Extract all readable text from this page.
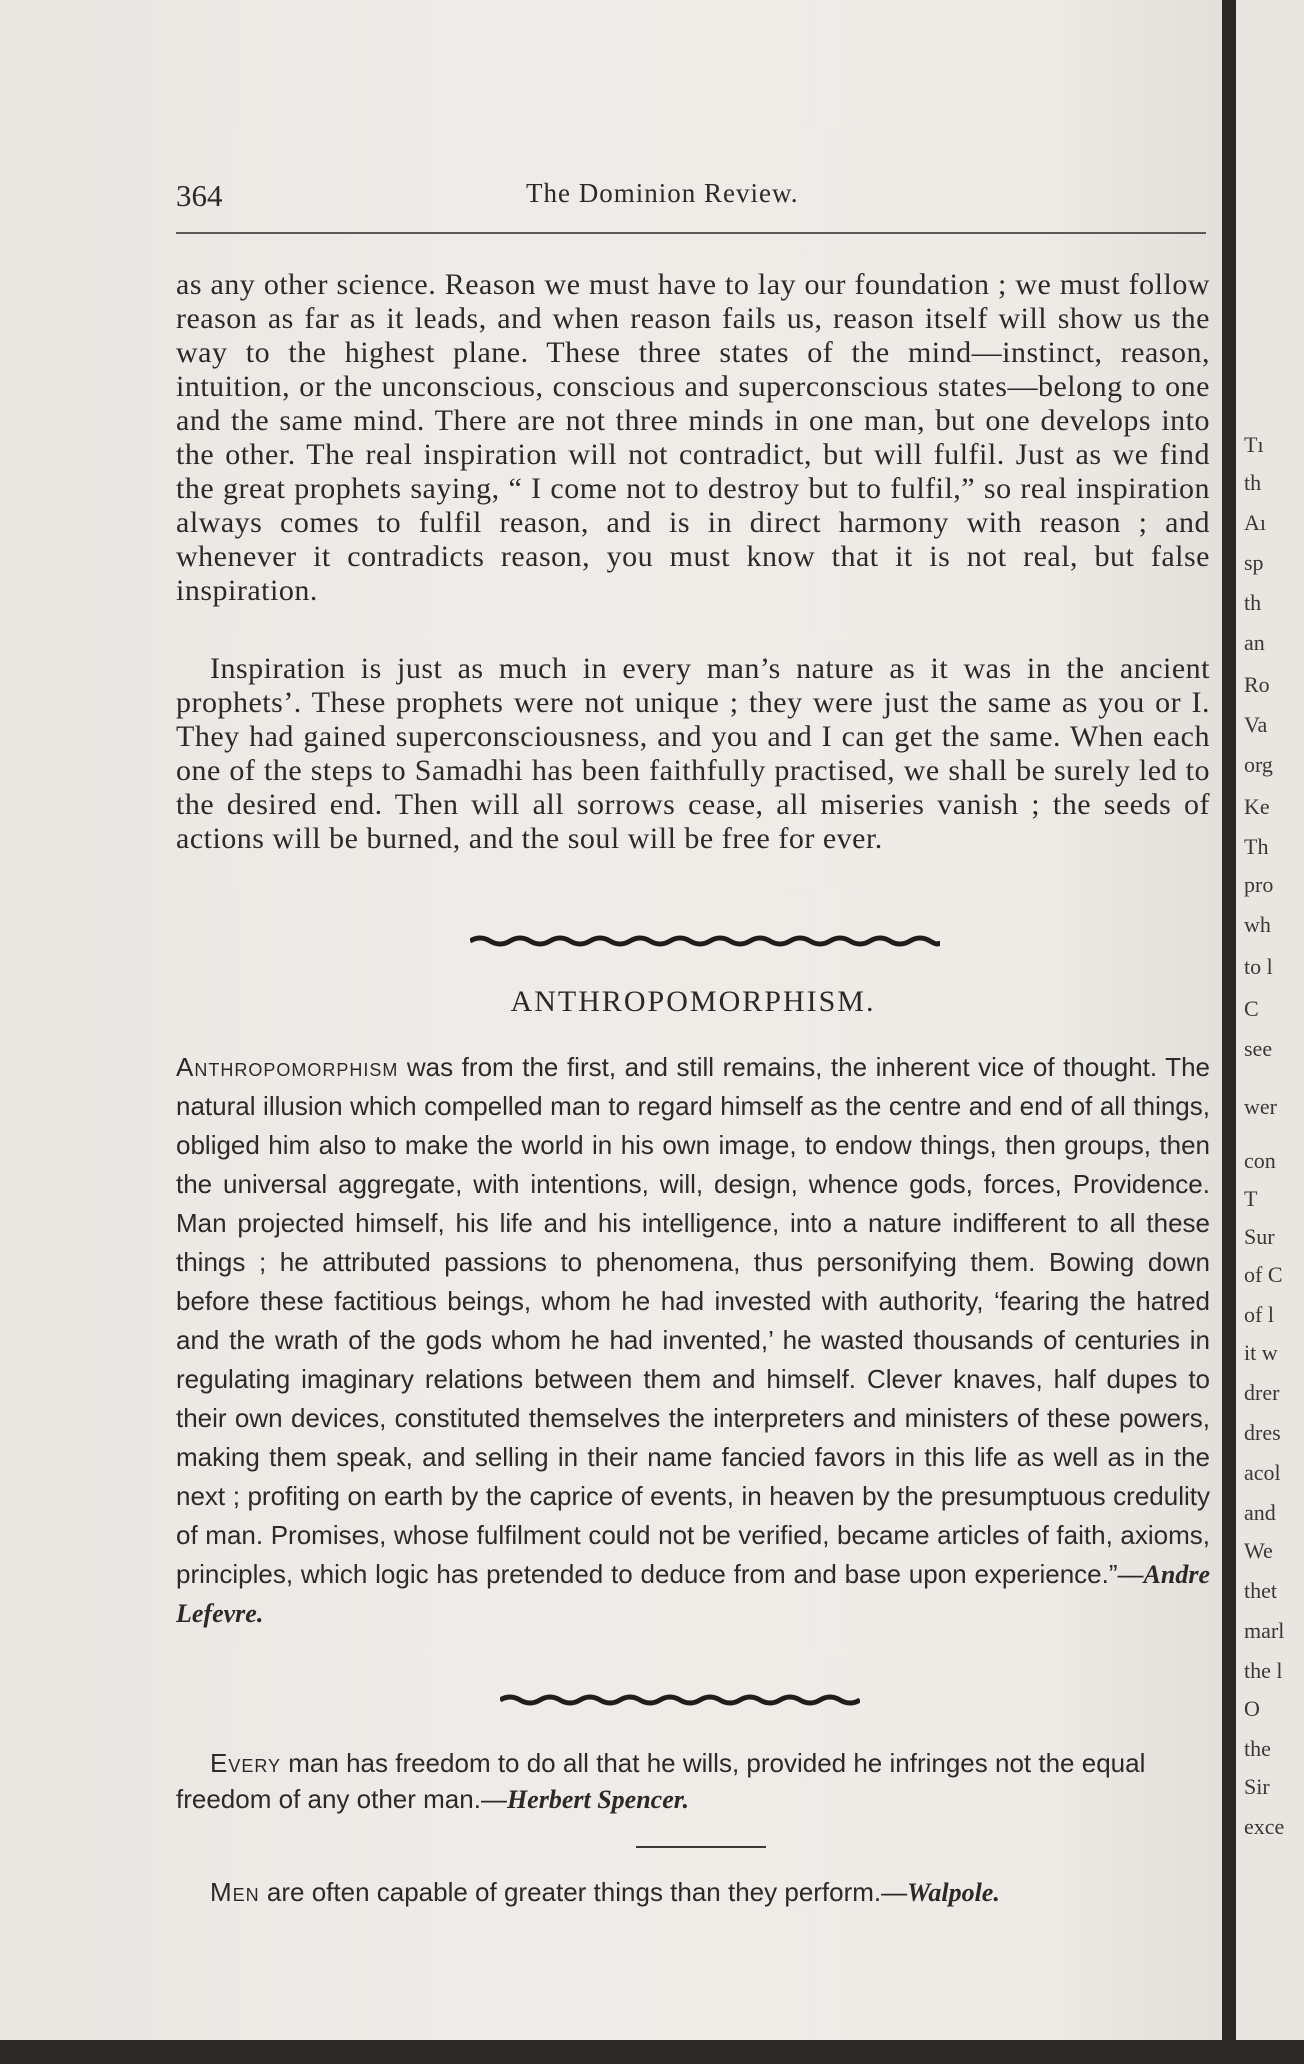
364	The Dominion Review.

as any other science. Reason we must have to lay our foundation ; we must follow reason as far as it leads, and when reason fails us, reason itself will show us the way to the highest plane. These three states of the mind—instinct, reason, intuition, or the unconscious, conscious and superconscious states—belong to one and the same mind. There are not three minds in one man, but one develops into the other. The real inspiration will not contradict, but will fulfil. Just as we find the great prophets saying, “ I come not to destroy but to fulfil,” so real inspiration always comes to fulfil reason, and is in direct harmony with reason ; and whenever it contradicts reason, you must know that it is not real, but false inspiration.

Inspiration is just as much in every man’s nature as it was in the ancient prophets’. These prophets were not unique ; they were just the same as you or I. They had gained superconsciousness, and you and I can get the same. When each one of the steps to Samadhi has been faithfully practised, we shall be surely led to the desired end. Then will all sorrows cease, all miseries vanish ; the seeds of actions will be burned, and the soul will be free for ever.

ANTHROPOMORPHISM.

Anthropomorphism was from the first, and still remains, the inherent vice of thought. The natural illusion which compelled man to regard himself as the centre and end of all things, obliged him also to make the world in his own image, to endow things, then groups, then the universal aggregate, with intentions, will, design, whence gods, forces, Providence. Man projected himself, his life and his intelligence, into a nature indifferent to all these things ; he attributed passions to phenomena, thus personifying them. Bowing down before these factitious beings, whom he had invested with authority, ‘fearing the hatred and the wrath of the gods whom he had invented,’ he wasted thousands of centuries in regulating imaginary relations between them and himself. Clever knaves, half dupes to their own devices, constituted themselves the interpreters and ministers of these powers, making them speak, and selling in their name fancied favors in this life as well as in the next ; profiting on earth by the caprice of events, in heaven by the presumptuous credulity of man. Promises, whose fulfilment could not be verified, became articles of faith, axioms, principles, which logic has pretended to deduce from and base upon experience.”—Andre Lefevre.

Every man has freedom to do all that he wills, provided he infringes not the equal freedom of any other man.—Herbert Spencer.

Men are often capable of greater things than they perform.—Walpole.

Tı
th
Aı
sp
th
an
Ro
Va
org
Ke
Th
pro
wh
to l
C
see
wer
con
T
Sur
of C
of l
it w
drer
dres
acol
and
We
thet
marl
the l
O
the
Sir
exce
